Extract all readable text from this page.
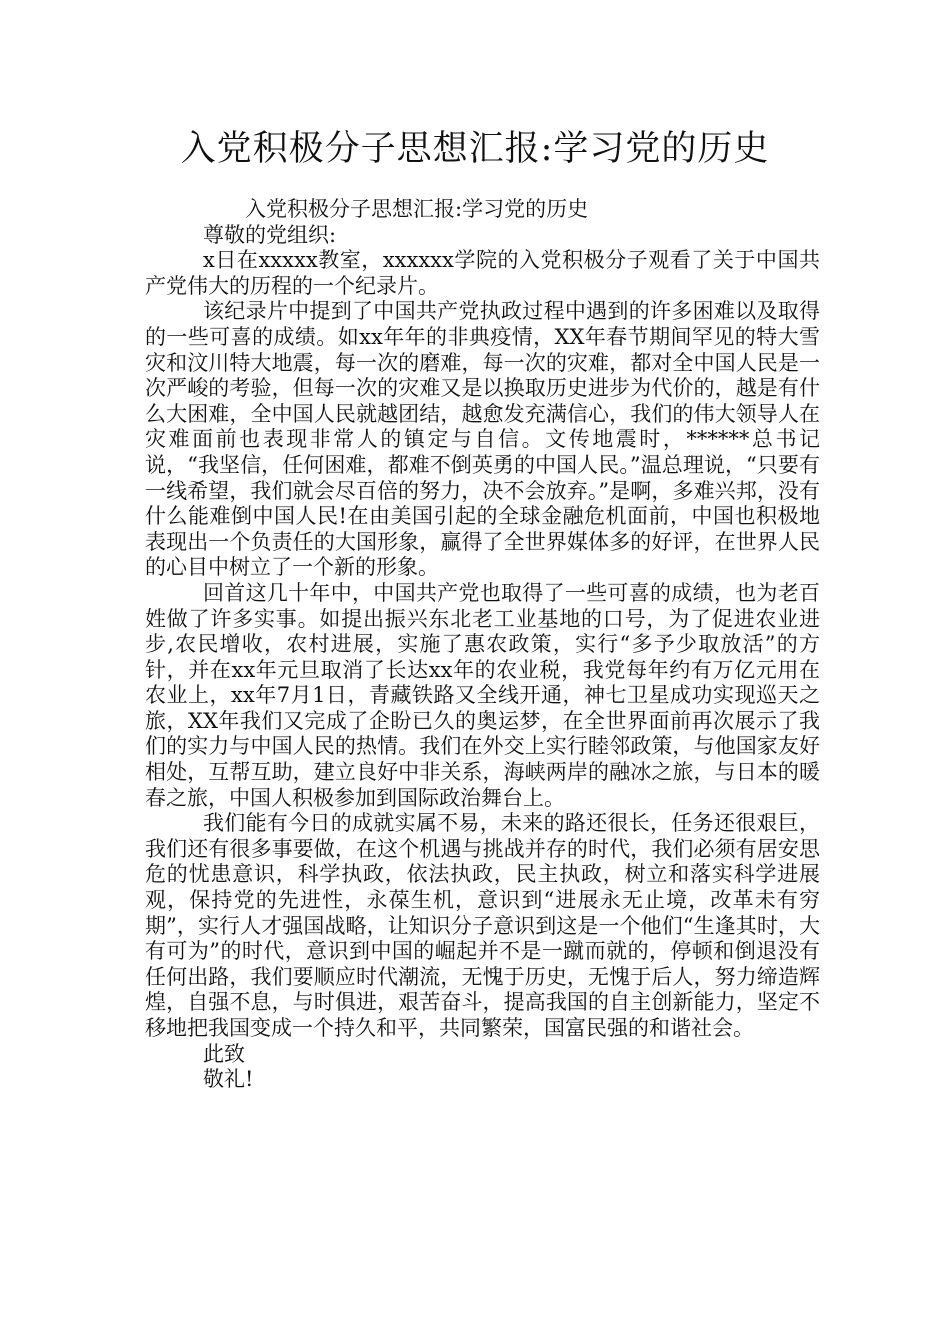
入党积极分子思想汇报:学习党的历史

入党积极分子思想汇报:学习党的历史

尊敬的党组织:

x日在xxxxx教室，xxxxxx学院的入党积极分子观看了关于中国共产党伟大的历程的一个纪录片。

该纪录片中提到了中国共产党执政过程中遇到的许多困难以及取得的一些可喜的成绩。如xx年年的非典疫情，XX年春节期间罕见的特大雪灾和汶川特大地震，每一次的磨难，每一次的灾难，都对全中国人民是一次严峻的考验，但每一次的灾难又是以换取历史进步为代价的，越是有什么大困难，全中国人民就越团结，越愈发充满信心，我们的伟大领导人在灾难面前也表现非常人的镇定与自信。文传地震时，******总书记说，“我坚信，任何困难，都难不倒英勇的中国人民。”温总理说，“只要有一线希望，我们就会尽百倍的努力，决不会放弃。”是啊，多难兴邦，没有什么能难倒中国人民!在由美国引起的全球金融危机面前，中国也积极地表现出一个负责任的大国形象，赢得了全世界媒体多的好评，在世界人民的心目中树立了一个新的形象。

回首这几十年中，中国共产党也取得了一些可喜的成绩，也为老百姓做了许多实事。如提出振兴东北老工业基地的口号，为了促进农业进步,农民增收，农村进展，实施了惠农政策，实行“多予少取放活”的方针，并在xx年元旦取消了长达xx年的农业税，我党每年约有万亿元用在农业上，xx年7月1日，青藏铁路又全线开通，神七卫星成功实现巡天之旅，XX年我们又完成了企盼已久的奥运梦，在全世界面前再次展示了我们的实力与中国人民的热情。我们在外交上实行睦邻政策，与他国家友好相处，互帮互助，建立良好中非关系，海峡两岸的融冰之旅，与日本的暖春之旅，中国人积极参加到国际政治舞台上。

我们能有今日的成就实属不易，未来的路还很长，任务还很艰巨，我们还有很多事要做，在这个机遇与挑战并存的时代，我们必须有居安思危的忧患意识，科学执政，依法执政，民主执政，树立和落实科学进展观，保持党的先进性，永葆生机，意识到“进展永无止境，改革未有穷期”，实行人才强国战略，让知识分子意识到这是一个他们“生逢其时，大有可为”的时代，意识到中国的崛起并不是一蹴而就的，停顿和倒退没有任何出路，我们要顺应时代潮流，无愧于历史，无愧于后人，努力缔造辉煌，自强不息，与时俱进，艰苦奋斗，提高我国的自主创新能力，坚定不移地把我国变成一个持久和平，共同繁荣，国富民强的和谐社会。

此致

敬礼!
